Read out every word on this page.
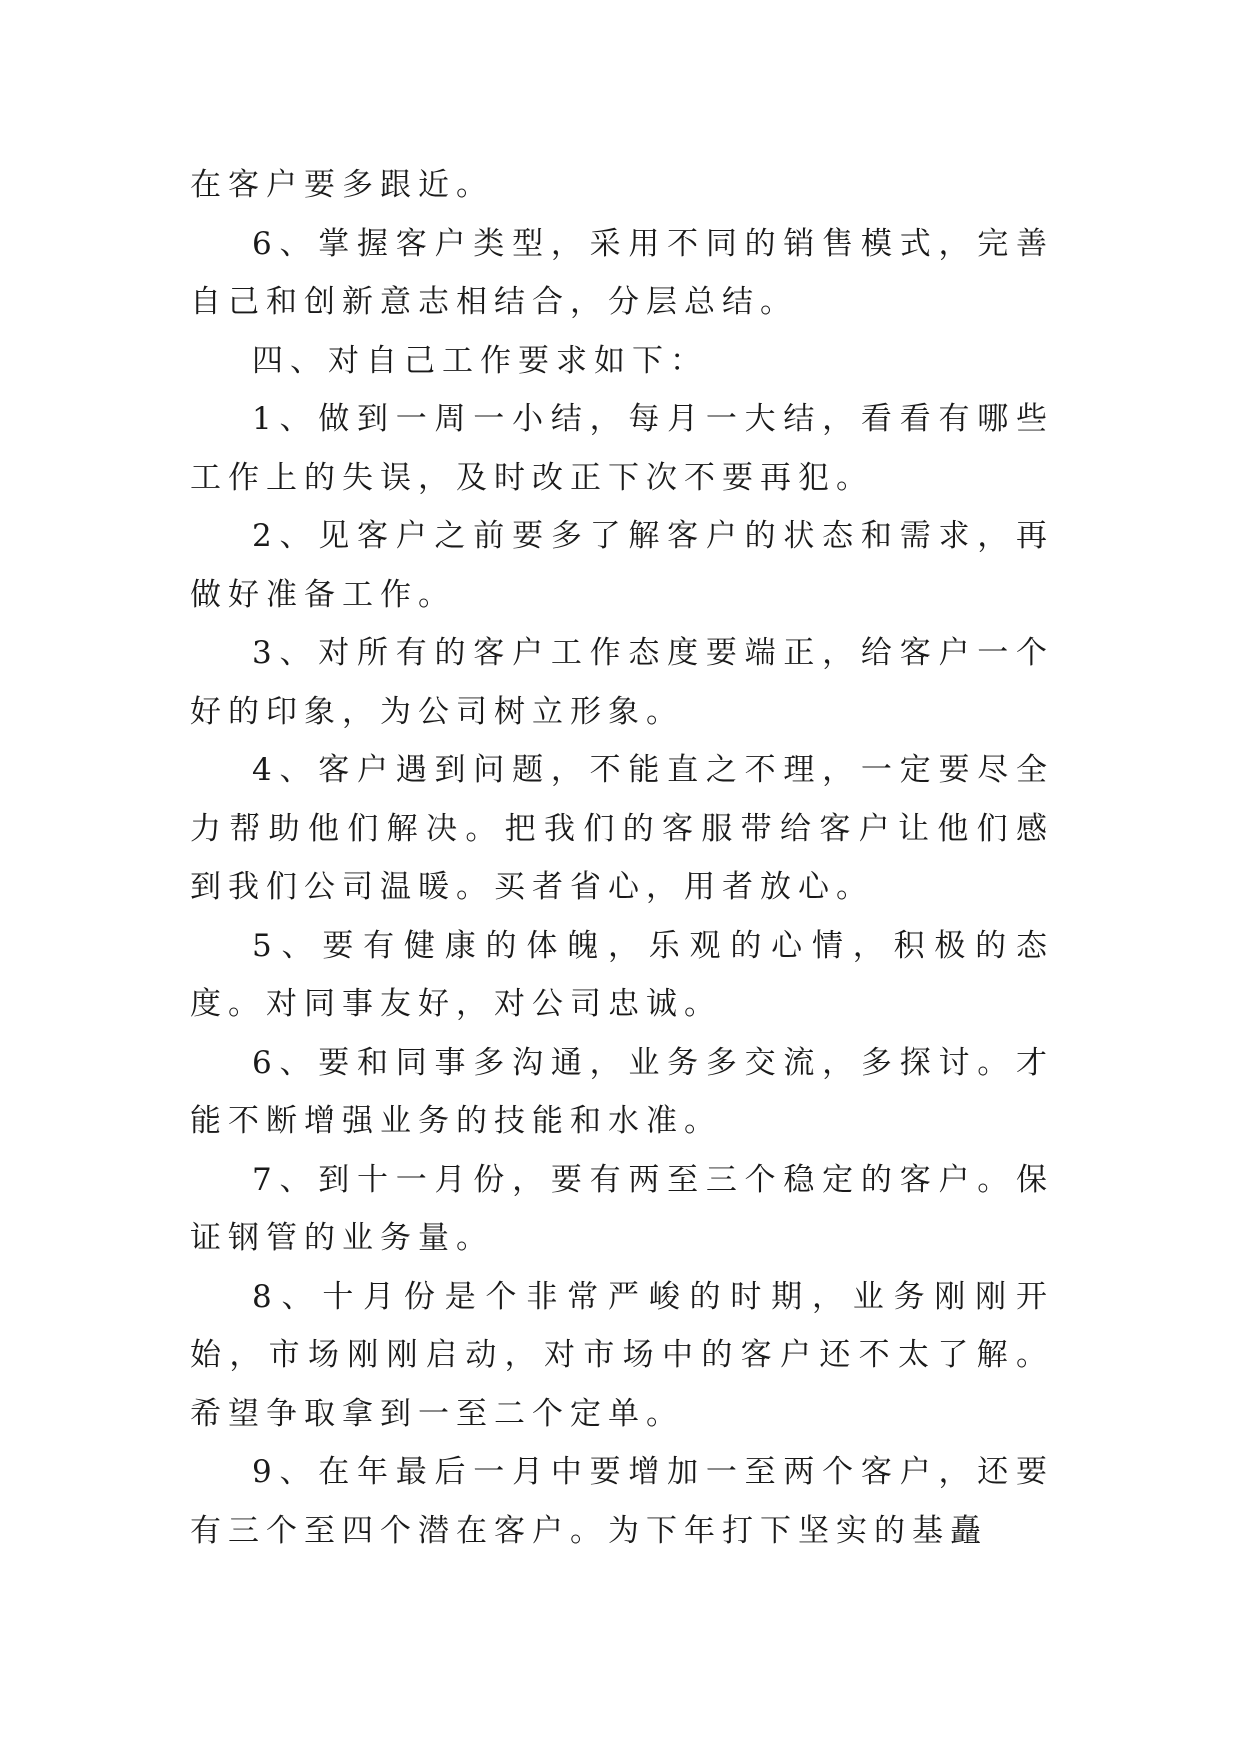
在客户要多跟近。

6、掌握客户类型，采用不同的销售模式，完善自己和创新意志相结合，分层总结。

四、对自己工作要求如下：

1、做到一周一小结，每月一大结，看看有哪些工作上的失误，及时改正下次不要再犯。

2、见客户之前要多了解客户的状态和需求，再做好准备工作。

3、对所有的客户工作态度要端正，给客户一个好的印象，为公司树立形象。

4、客户遇到问题，不能直之不理，一定要尽全力帮助他们解决。把我们的客服带给客户让他们感到我们公司温暖。买者省心，用者放心。

5、要有健康的体魄，乐观的心情，积极的态度。对同事友好，对公司忠诚。

6、要和同事多沟通，业务多交流，多探讨。才能不断增强业务的技能和水准。

7、到十一月份，要有两至三个稳定的客户。保证钢管的业务量。

8、十月份是个非常严峻的时期，业务刚刚开始，市场刚刚启动，对市场中的客户还不太了解。希望争取拿到一至二个定单。

9、在年最后一月中要增加一至两个客户，还要有三个至四个潜在客户。为下年打下坚实的基矗
